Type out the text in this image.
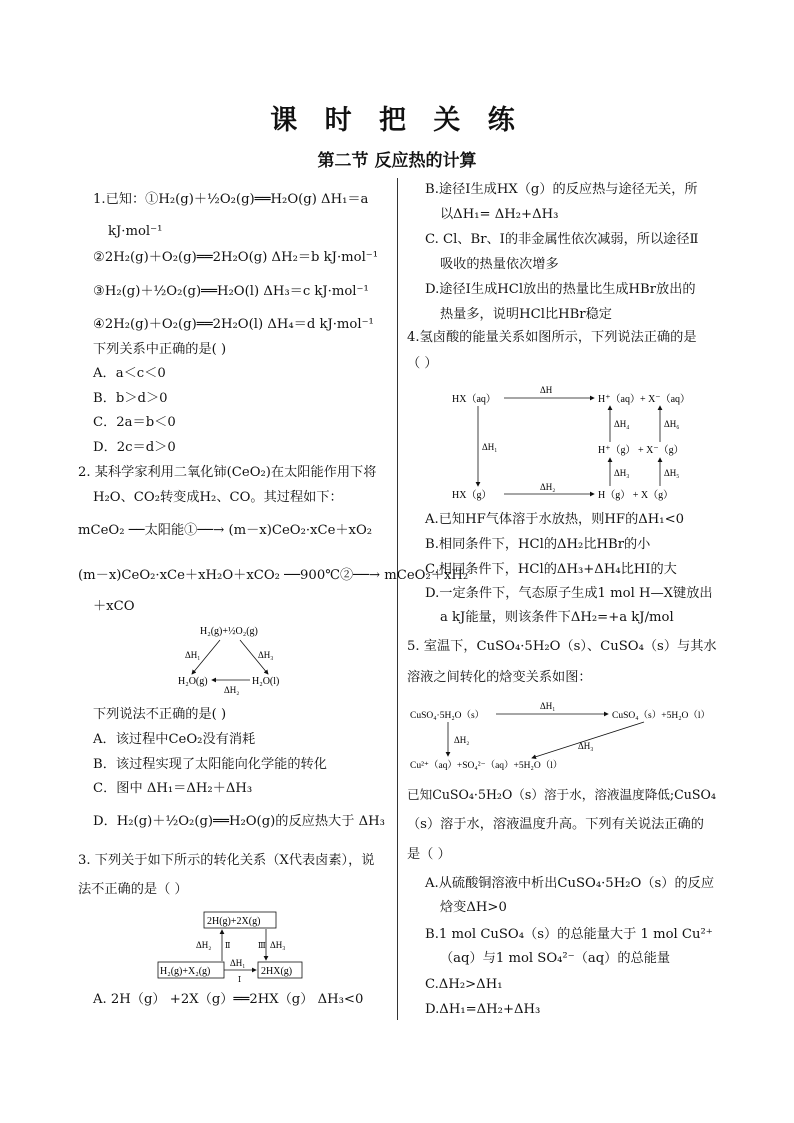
课 时 把 关 练
第二节 反应热的计算
1.已知：①H₂(g)＋½O₂(g)══H₂O(g) ΔH₁＝a
kJ·mol⁻¹
②2H₂(g)＋O₂(g)══2H₂O(g) ΔH₂＝b kJ·mol⁻¹
③H₂(g)＋½O₂(g)══H₂O(l) ΔH₃＝c kJ·mol⁻¹
④2H₂(g)＋O₂(g)══2H₂O(l) ΔH₄＝d kJ·mol⁻¹
下列关系中正确的是( )
A．a＜c＜0
B．b＞d＞0
C．2a＝b＜0
D．2c＝d＞0
2. 某科学家利用二氧化铈(CeO₂)在太阳能作用下将
H₂O、CO₂转变成H₂、CO。其过程如下：
mCeO₂ ──太阳能①──→ (m－x)CeO₂·xCe＋xO₂
(m－x)CeO₂·xCe＋xH₂O＋xCO₂ ──900℃②──→ mCeO₂＋xH₂
＋xCO
H₂(g)+½O₂(g)
H₂O(g)	H₂O(l)
ΔH₁	ΔH₃
ΔH₂
下列说法不正确的是( )
A．该过程中CeO₂没有消耗
B．该过程实现了太阳能向化学能的转化
C．图中 ΔH₁＝ΔH₂＋ΔH₃
D．H₂(g)＋½O₂(g)══H₂O(g)的反应热大于 ΔH₃
3. 下列关于如下所示的转化关系（X代表卤素），说
法不正确的是（ ）
2H(g)+2X(g)
H₂(g)+X₂(g)	2HX(g)
ΔH₁
Ⅰ
ΔH₂ Ⅱ	Ⅲ ΔH₃
A. 2H（g） +2X（g）══2HX（g） ΔH₃<0
B.途径Ⅰ生成HX（g）的反应热与途径无关，所
以ΔH₁= ΔH₂+ΔH₃
C. Cl、Br、I的非金属性依次减弱，所以途径Ⅱ
吸收的热量依次增多
D.途径Ⅰ生成HCl放出的热量比生成HBr放出的
热量多，说明HCl比HBr稳定
4.氢卤酸的能量关系如图所示，下列说法正确的是
（ ）
HX（aq）	H⁺（aq）+ X⁻（aq）
H⁺（g） + X⁻（g）
HX（g）	H（g） + X（g）
ΔH
ΔH₁
ΔH₂
ΔH₃
ΔH₄
ΔH₅
ΔH₆
A.已知HF气体溶于水放热，则HF的ΔH₁<0
B.相同条件下，HCl的ΔH₂比HBr的小
C.相同条件下，HCl的ΔH₃+ΔH₄比HI的大
D.一定条件下，气态原子生成1 mol H—X键放出
a kJ能量，则该条件下ΔH₂=+a kJ/mol
5. 室温下，CuSO₄·5H₂O（s）、CuSO₄（s）与其水
溶液之间转化的焓变关系如图：
CuSO₄·5H₂O（s）	CuSO₄（s）+5H₂O（l）
Cu²⁺（aq）+SO₄²⁻（aq）+5H₂O（l）
ΔH₁
ΔH₂
ΔH₃
已知CuSO₄·5H₂O（s）溶于水，溶液温度降低;CuSO₄
（s）溶于水，溶液温度升高。下列有关说法正确的
是（ ）
A.从硫酸铜溶液中析出CuSO₄·5H₂O（s）的反应
焓变ΔH>0
B.1 mol CuSO₄（s）的总能量大于 1 mol Cu²⁺
（aq）与1 mol SO₄²⁻（aq）的总能量
C.ΔH₂>ΔH₁
D.ΔH₁=ΔH₂+ΔH₃
